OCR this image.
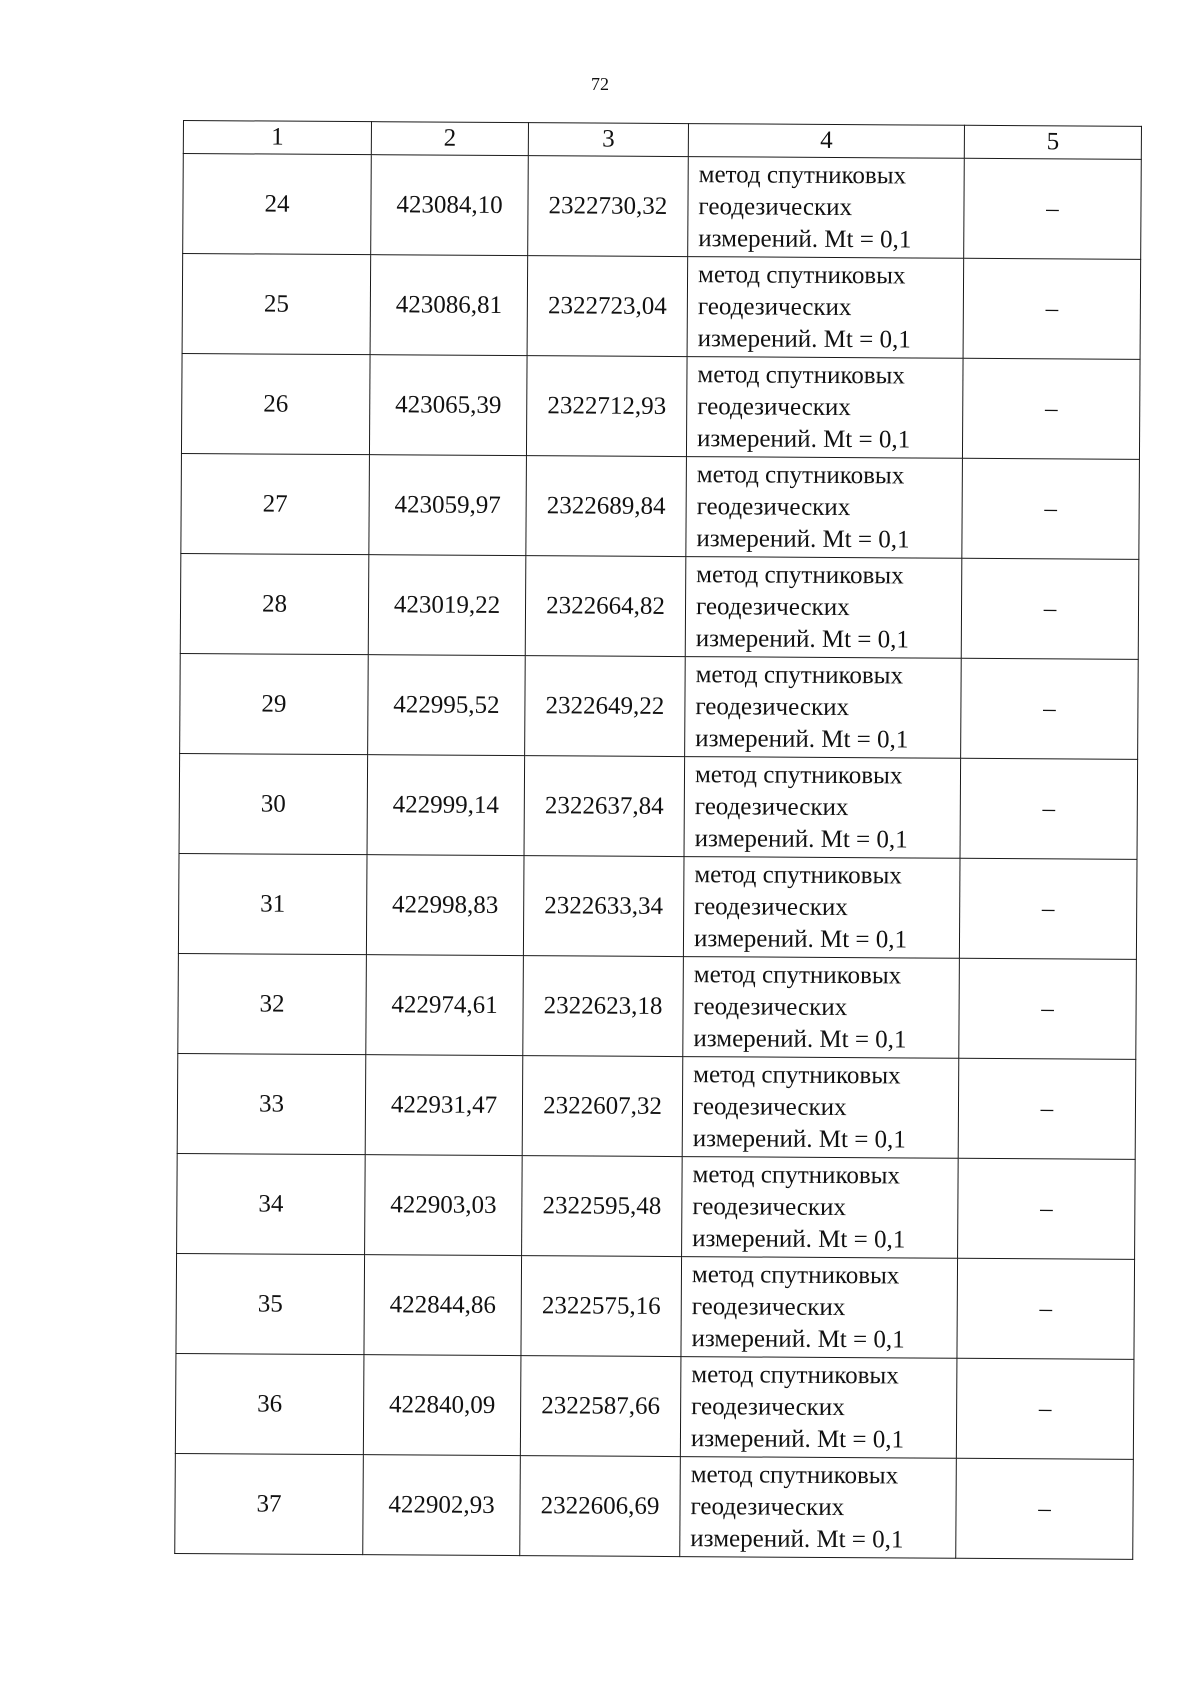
72
1	2	3	4	5
24	423084,10	2322730,32	метод спутниковых
геодезических
измерений. Mt = 0,1	–
25	423086,81	2322723,04	метод спутниковых
геодезических
измерений. Mt = 0,1	–
26	423065,39	2322712,93	метод спутниковых
геодезических
измерений. Mt = 0,1	–
27	423059,97	2322689,84	метод спутниковых
геодезических
измерений. Mt = 0,1	–
28	423019,22	2322664,82	метод спутниковых
геодезических
измерений. Mt = 0,1	–
29	422995,52	2322649,22	метод спутниковых
геодезических
измерений. Mt = 0,1	–
30	422999,14	2322637,84	метод спутниковых
геодезических
измерений. Mt = 0,1	–
31	422998,83	2322633,34	метод спутниковых
геодезических
измерений. Mt = 0,1	–
32	422974,61	2322623,18	метод спутниковых
геодезических
измерений. Mt = 0,1	–
33	422931,47	2322607,32	метод спутниковых
геодезических
измерений. Mt = 0,1	–
34	422903,03	2322595,48	метод спутниковых
геодезических
измерений. Mt = 0,1	–
35	422844,86	2322575,16	метод спутниковых
геодезических
измерений. Mt = 0,1	–
36	422840,09	2322587,66	метод спутниковых
геодезических
измерений. Mt = 0,1	–
37	422902,93	2322606,69	метод спутниковых
геодезических
измерений. Mt = 0,1	–
